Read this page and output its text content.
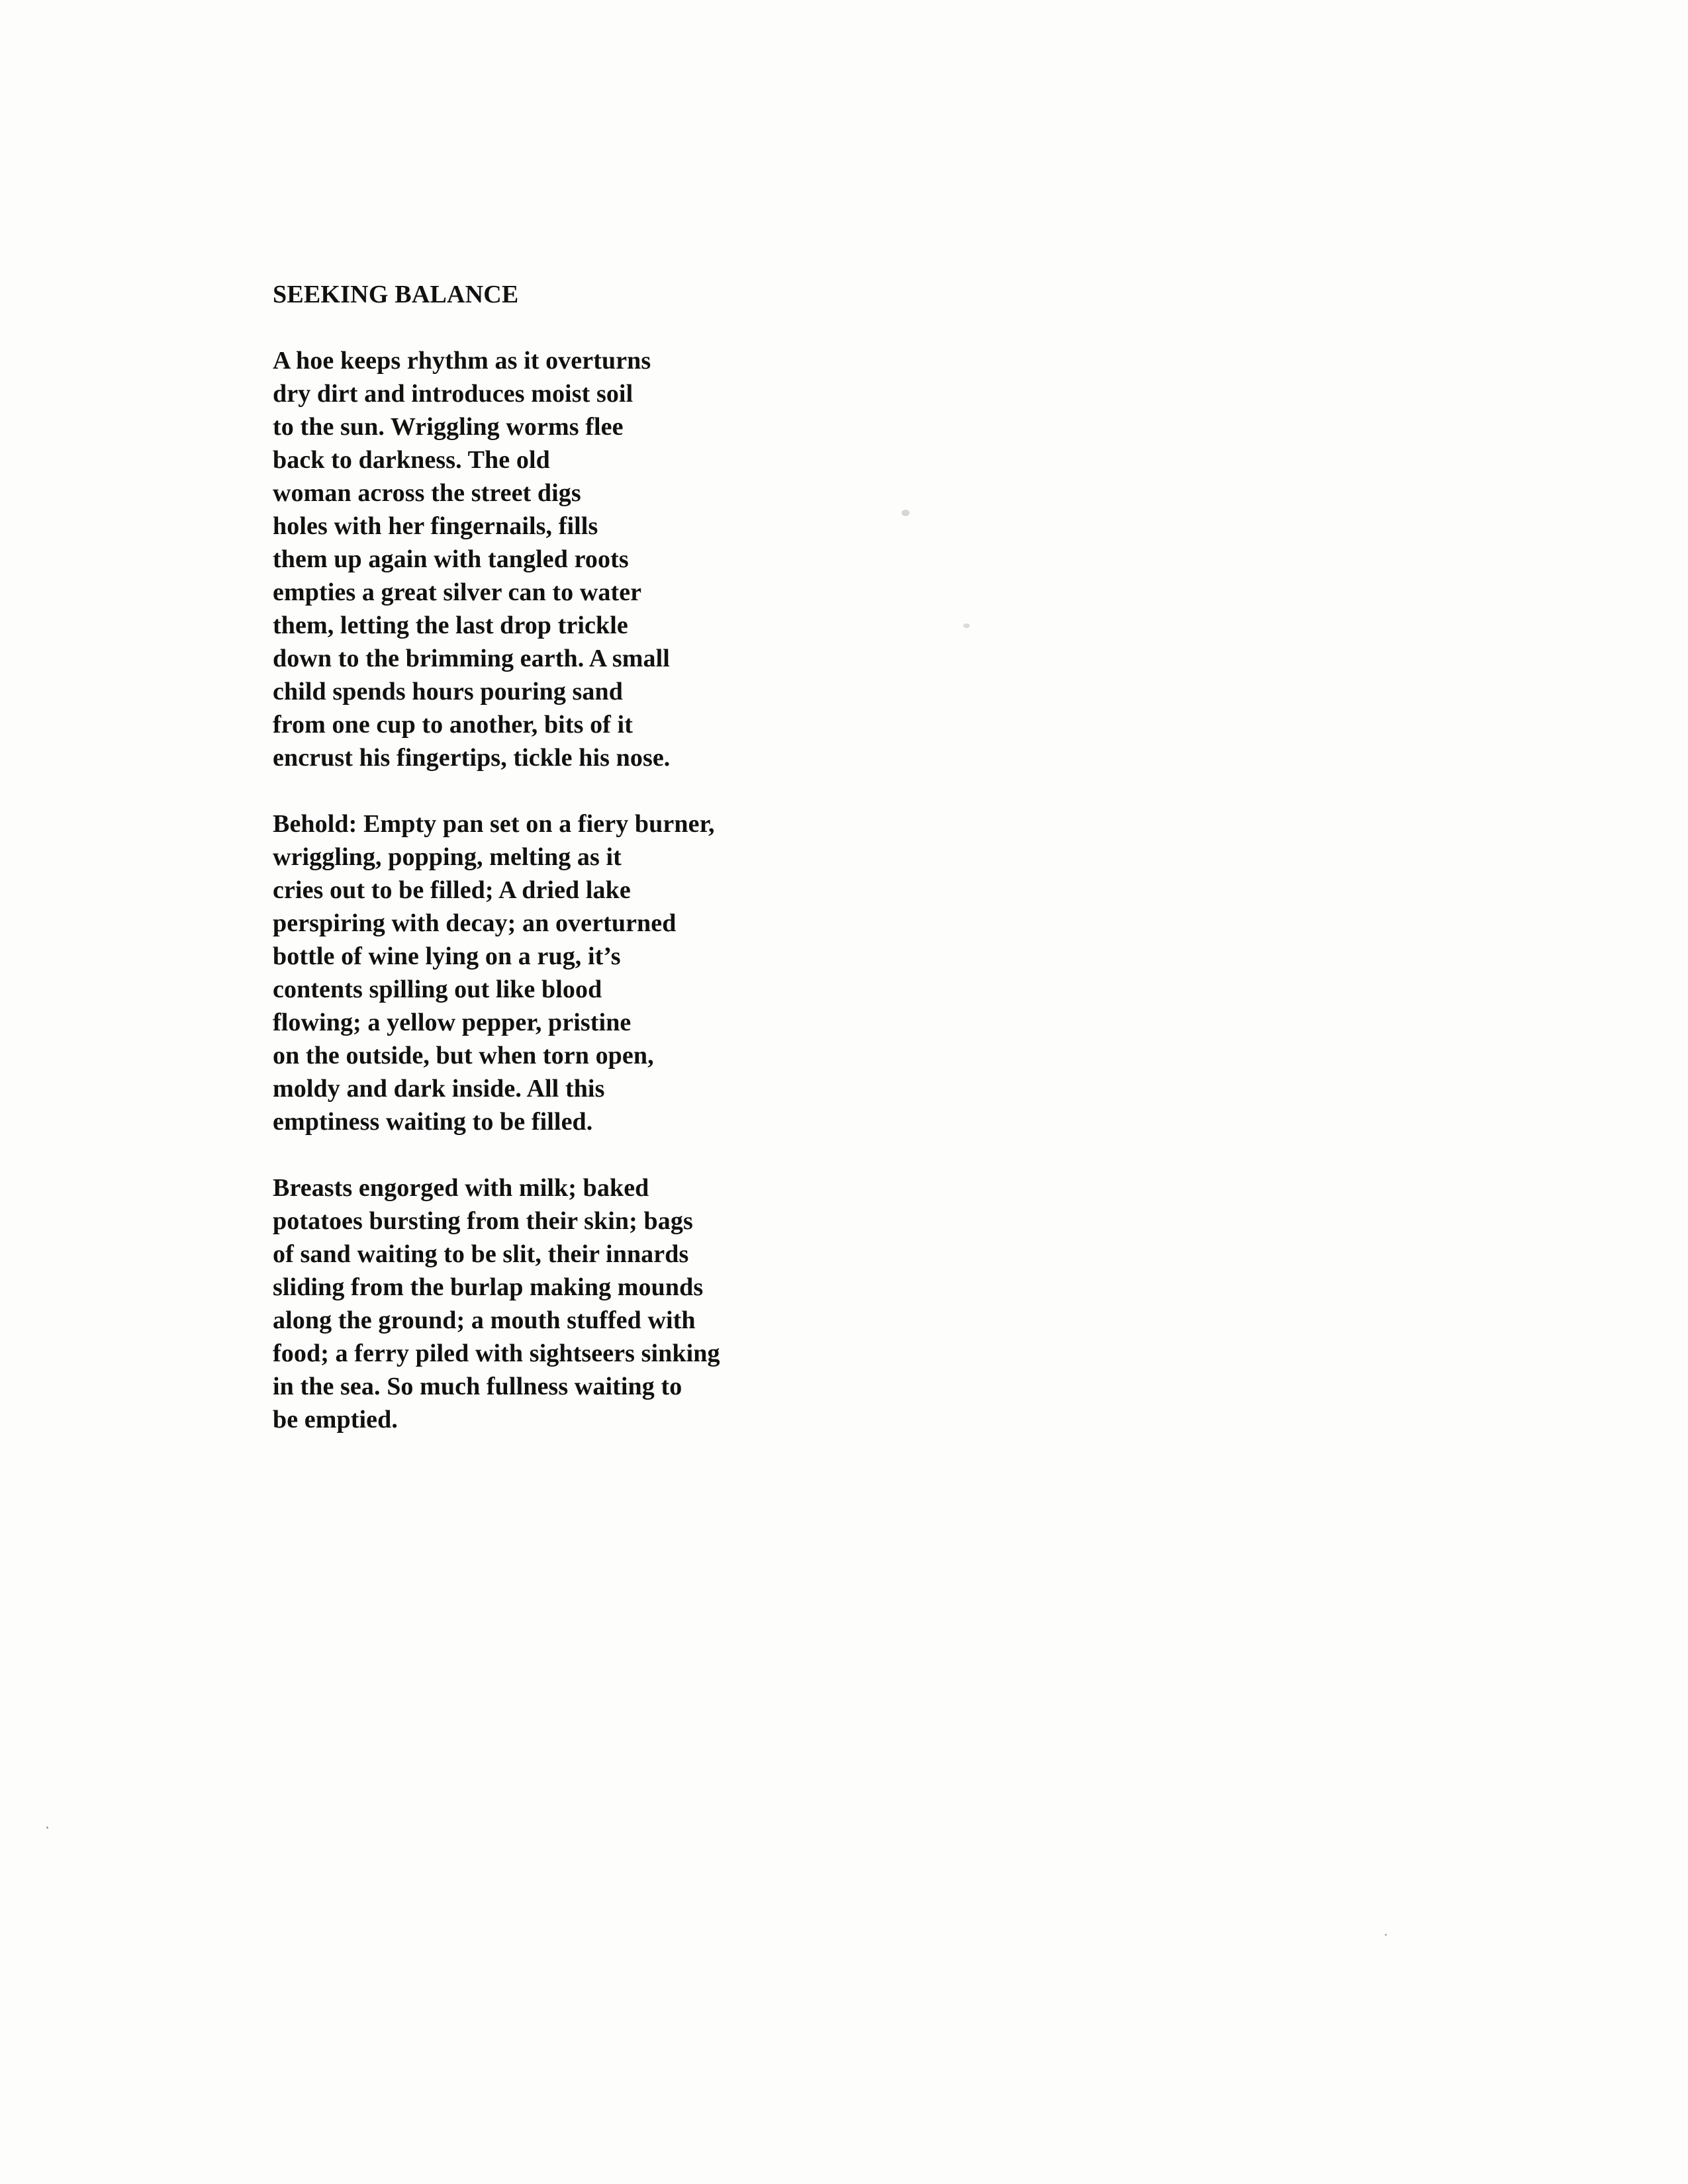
SEEKING BALANCE
A hoe keeps rhythm as it overturns
dry dirt and introduces moist soil
to the sun. Wriggling worms flee
back to darkness. The old
woman across the street digs
holes with her fingernails, fills
them up again with tangled roots
empties a great silver can to water
them, letting the last drop trickle
down to the brimming earth. A small
child spends hours pouring sand
from one cup to another, bits of it
encrust his fingertips, tickle his nose.
Behold: Empty pan set on a fiery burner,
wriggling, popping, melting as it
cries out to be filled; A dried lake
perspiring with decay; an overturned
bottle of wine lying on a rug, it’s
contents spilling out like blood
flowing; a yellow pepper, pristine
on the outside, but when torn open,
moldy and dark inside. All this
emptiness waiting to be filled.
Breasts engorged with milk; baked
potatoes bursting from their skin; bags
of sand waiting to be slit, their innards
sliding from the burlap making mounds
along the ground; a mouth stuffed with
food; a ferry piled with sightseers sinking
in the sea. So much fullness waiting to
be emptied.
